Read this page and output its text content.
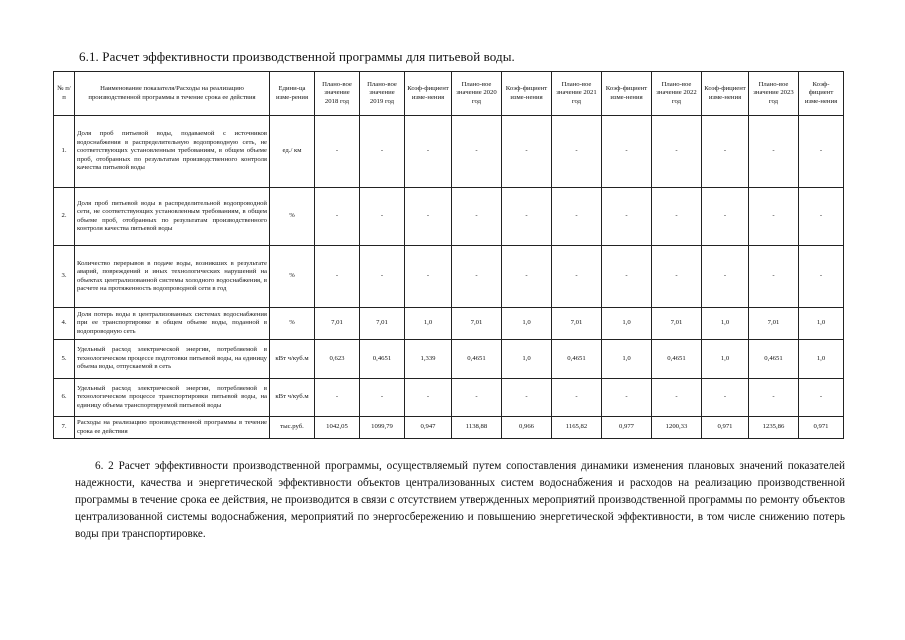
6.1. Расчет эффективности производственной программы для питьевой воды.
№ п/п	Наименование показателя/Расходы на реализацию производственной программы в течение срока ее действия	Едини-ца изме-рения	Плано-вое значение 2018 год	Плано-вое значение 2019 год	Коэф-фициент изме-нения	Плано-вое значение 2020 год	Коэф-фициент изме-нения	Плано-вое значение 2021 год	Коэф-фициент изме-нения	Плано-вое значение 2022 год	Коэф-фициент изме-нения	Плано-вое значение 2023 год	Коэф-фициент изме-нения
1.	Доля проб питьевой воды, подаваемой с источников водоснабжения в распределительную водопроводную сеть, не соответствующих установленным требованиям, в общем объеме проб, отобранных по результатам производственного контроля качества питьевой воды	ед./ км	-	-	-	-	-	-	-	-	-	-	-
2.	Доля проб питьевой воды в распределительной водопроводной сети, не соответствующих установленным требованиям, в общем объеме проб, отобранных по результатам производственного контроля качества питьевой воды	%	-	-	-	-	-	-	-	-	-	-	-
3.	Количество перерывов в подаче воды, возникших в результате аварий, повреждений и иных технологических нарушений на объектах централизованной системы холодного водоснабжения, в расчете на протяженность водопроводной сети в год	%	-	-	-	-	-	-	-	-	-	-	-
4.	Доля потерь воды в централизованных системах водоснабжения при ее транспортировке в общем объеме воды, поданной в водопроводную сеть	%	7,01	7,01	1,0	7,01	1,0	7,01	1,0	7,01	1,0	7,01	1,0
5.	Удельный расход электрической энергии, потребляемой в технологическом процессе подготовки питьевой воды, на единицу объема воды, отпускаемой в сеть	кВт ч/куб.м	0,623	0,4651	1,339	0,4651	1,0	0,4651	1,0	0,4651	1,0	0,4651	1,0
6.	Удельный расход электрической энергии, потребляемой в технологическом процессе транспортировки питьевой воды, на единицу объема транспортируемой питьевой воды	кВт ч/куб.м	-	-	-	-	-	-	-	-	-	-	-
7.	Расходы на реализацию производственной программы в течение срока ее действия	тыс.руб.	1042,05	1099,79	0,947	1138,88	0,966	1165,82	0,977	1200,33	0,971	1235,86	0,971
6. 2 Расчет эффективности производственной программы, осуществляемый путем сопоставления динамики изменения плановых значений показателей надежности, качества и энергетической эффективности объектов централизованных систем водоснабжения и расходов на реализацию производственной программы в течение срока ее действия, не производится в связи с отсутствием утвержденных мероприятий производственной программы по ремонту объектов централизованной системы водоснабжения, мероприятий по энергосбережению и повышению энергетической эффективности, в том числе снижению потерь воды при транспортировке.
